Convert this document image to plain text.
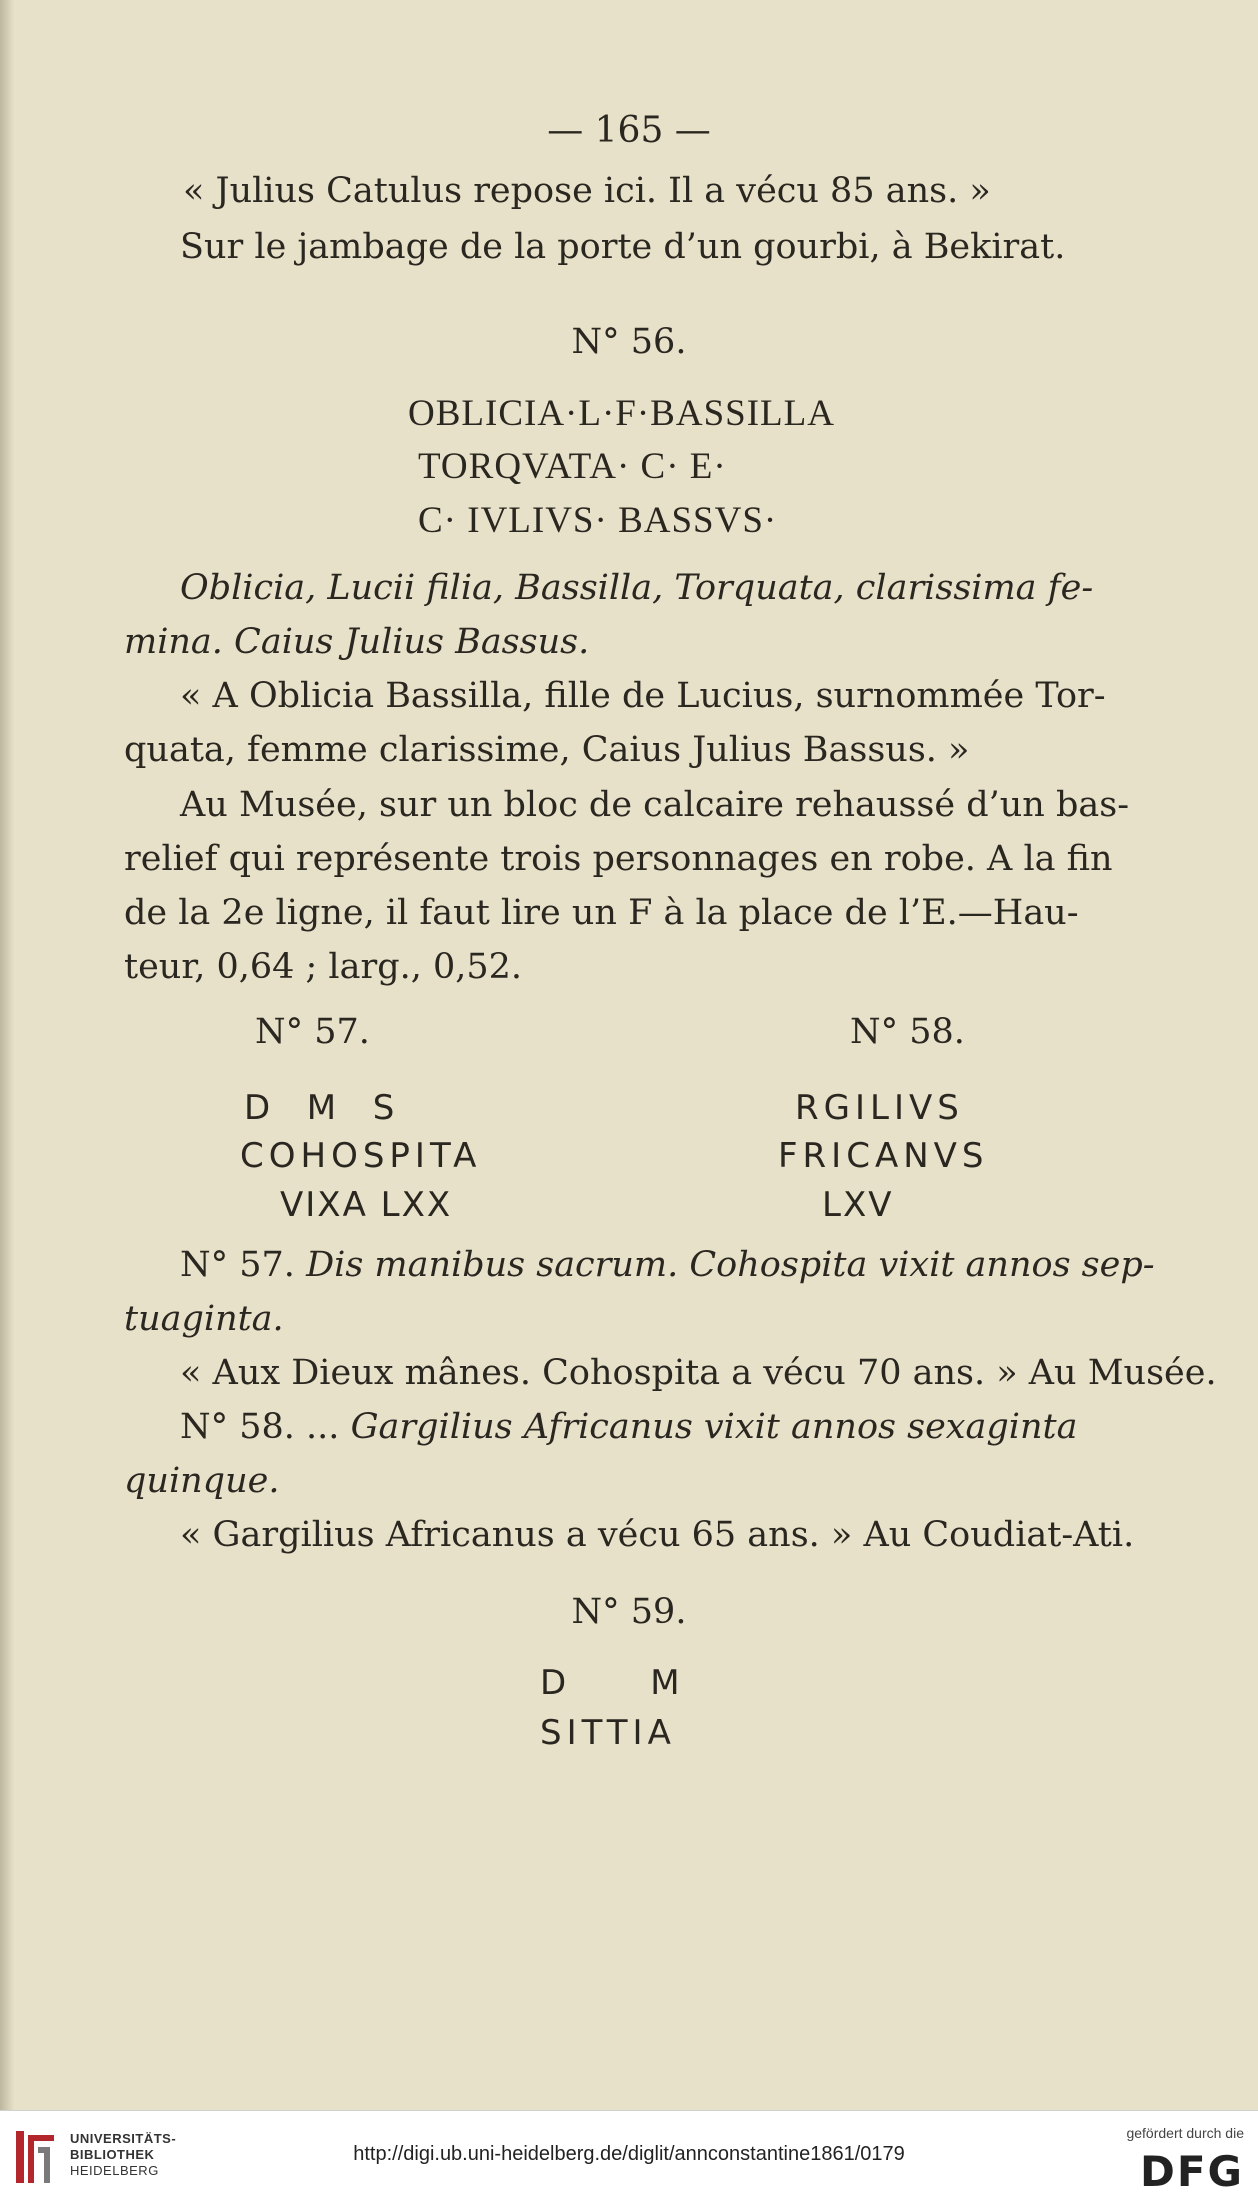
— 165 —
« Julius Catulus repose ici. Il a vécu 85 ans. »
Sur le jambage de la porte d’un gourbi, à Bekirat.
N° 56.
OBLICIA·L·F·BASSILLA
TORQVATA· C· E·
C· IVLIVS· BASSVS·
Oblicia, Lucii filia, Bassilla, Torquata, clarissima fe-
mina. Caius Julius Bassus.
« A Oblicia Bassilla, fille de Lucius, surnommée Tor-
quata, femme clarissime, Caius Julius Bassus. »
Au Musée, sur un bloc de calcaire rehaussé d’un bas-
relief qui représente trois personnages en robe. A la fin
de la 2e ligne, il faut lire un F à la place de l’E.—Hau-
teur, 0,64 ; larg., 0,52.
N° 57.	N° 58.
D  M  S
COHOSPITA
VIXA LXX
RGILIVS
FRICANVS
LXV
N° 57. Dis manibus sacrum. Cohospita vixit annos sep-
tuaginta.
« Aux Dieux mânes. Cohospita a vécu 70 ans. » Au Musée.
N° 58. ... Gargilius Africanus vixit annos sexaginta
quinque.
« Gargilius Africanus a vécu 65 ans. » Au Coudiat-Ati.
N° 59.
D     M
SITTIA
UNIVERSITÄTS-
BIBLIOTHEK
HEIDELBERG
http://digi.ub.uni-heidelberg.de/diglit/annconstantine1861/0179
gefördert durch die
DFG
